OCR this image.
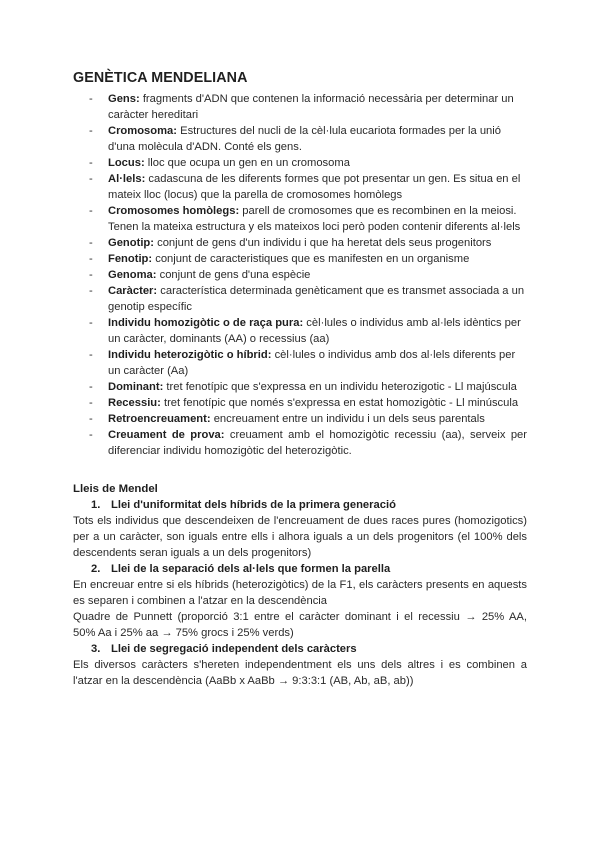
GENÈTICA MENDELIANA
- Gens: fragments d'ADN que contenen la informació necessària per determinar un
caràcter hereditari
- Cromosoma: Estructures del nucli de la cèl·lula eucariota formades per la unió d'una molècula d'ADN. Conté els gens.
- Locus: lloc que ocupa un gen en un cromosoma
- Al·lels: cadascuna de les diferents formes que pot presentar un gen. Es situa en el mateix lloc (locus) que la parella de cromosomes homòlegs
- Cromosomes homòlegs: parell de cromosomes que es recombinen en la meiosi. Tenen la mateixa estructura y els mateixos loci però poden contenir diferents al·lels
- Genotip: conjunt de gens d'un individu i que ha heretat dels seus progenitors
- Fenotip: conjunt de caracteristiques que es manifesten en un organisme
- Genoma: conjunt de gens d'una espècie
- Caràcter: característica determinada genèticament que es transmet associada a un genotip específic
- Individu homozigòtic o de raça pura: cèl·lules o individus amb al·lels idèntics per un caràcter, dominants (AA) o recessius (aa)
- Individu heterozigòtic o híbrid: cèl·lules o individus amb dos al·lels diferents per un caràcter (Aa)
- Dominant: tret fenotípic que s'expressa en un individu heterozigotic - Ll majúscula
- Recessiu: tret fenotípic que només s'expressa en estat homozigòtic - Ll minúscula
- Retroencreuament: encreuament entre un individu i un dels seus parentals
- Creuament de prova: creuament amb el homozigòtic recessiu (aa), serveix per diferenciar individu homozigòtic del heterozigòtic.
Lleis de Mendel

1. Llei d'uniformitat dels híbrids de la primera generació

Tots els individus que descendeixen de l'encreuament de dues races pures (homozigotics) per a un caràcter, son iguals entre ells i alhora iguals a un dels progenitors (el 100% dels descendents seran iguals a un dels progenitors)

2. Llei de la separació dels al·lels que formen la parella

En encreuar entre si els híbrids (heterozigòtics) de la F1, els caràcters presents en aquests es separen i combinen a l'atzar en la descendència

Quadre de Punnett (proporció 3:1 entre el caràcter dominant i el recessiu → 25% AA,      50% Aa i 25% aa → 75% grocs i 25% verds)

3. Llei de segregació independent dels caràcters

Els diversos caràcters s'hereten independentment els uns dels altres i es combinen a l'atzar en la descendència (AaBb x AaBb → 9:3:3:1 (AB, Ab, aB, ab))
